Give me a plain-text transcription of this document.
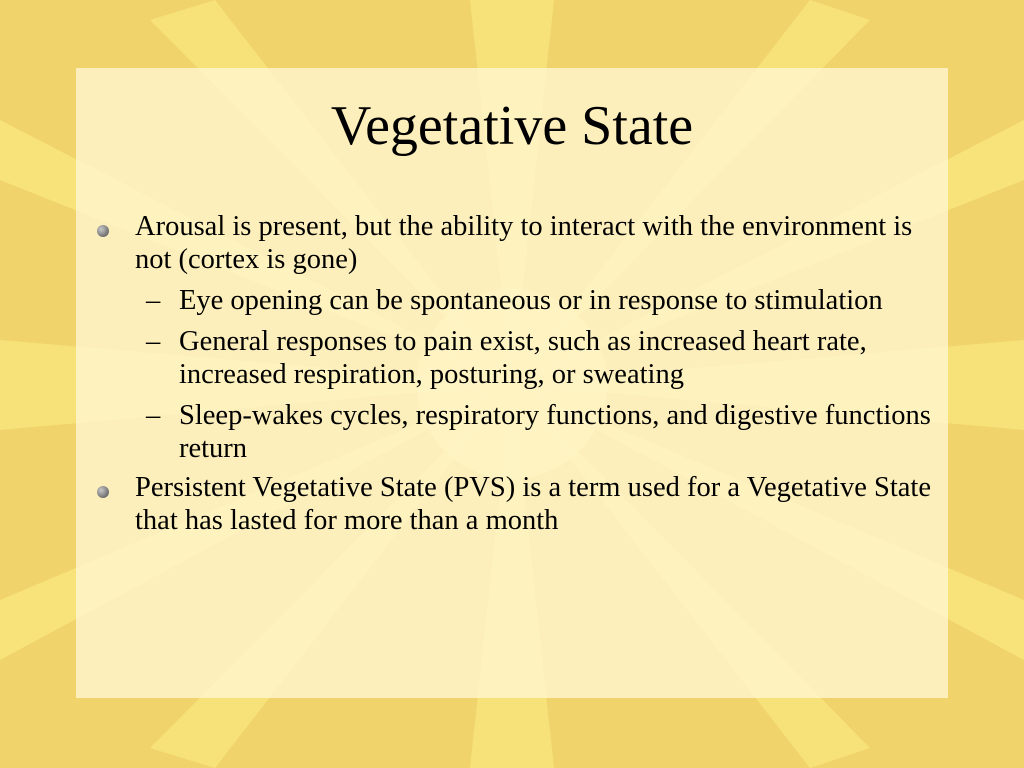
Vegetative State
Arousal is present, but the ability to interact with the environment is not (cortex is gone)
– Eye opening can be spontaneous or in response to stimulation
– General responses to pain exist, such as increased heart rate, increased respiration, posturing, or sweating
– Sleep-wakes cycles, respiratory functions, and digestive functions return
Persistent Vegetative State (PVS) is a term used for a Vegetative State that has lasted for more than a month
